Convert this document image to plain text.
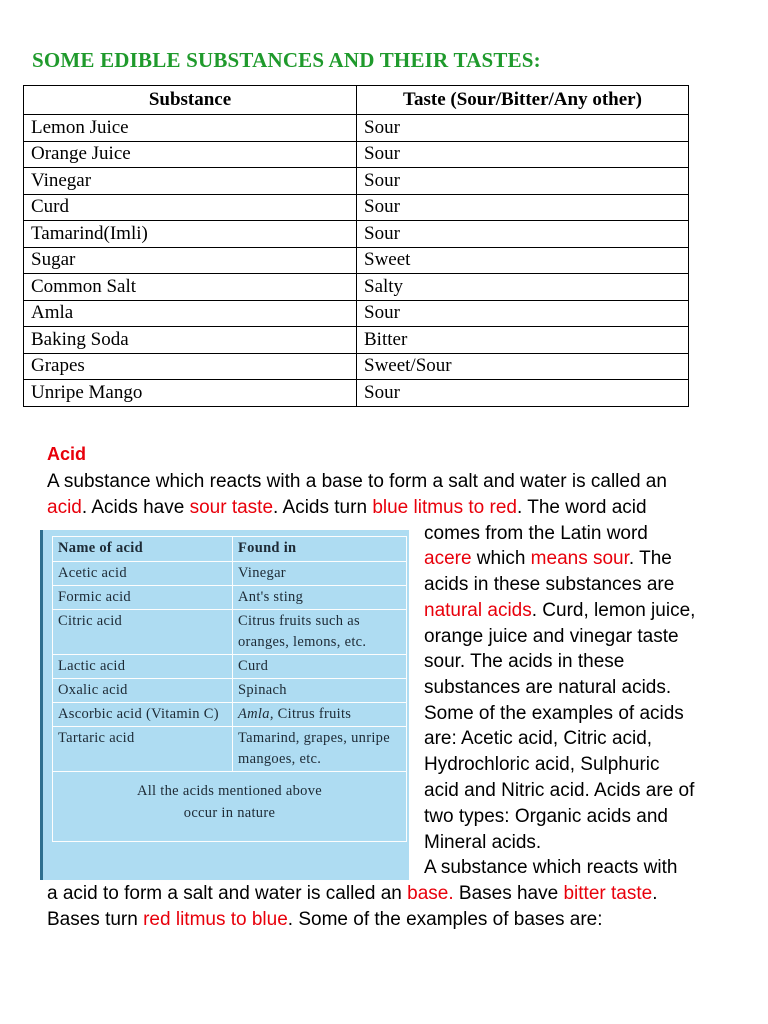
SOME EDIBLE SUBSTANCES AND THEIR TASTES:
Substance	Taste (Sour/Bitter/Any other)
Lemon Juice	Sour
Orange Juice	Sour
Vinegar	Sour
Curd	Sour
Tamarind(Imli)	Sour
Sugar	Sweet
Common Salt	Salty
Amla	Sour
Baking Soda	Bitter
Grapes	Sweet/Sour
Unripe Mango	Sour
Acid
A substance which reacts with a base to form a salt and water is called an
acid. Acids have sour taste. Acids turn blue litmus to red. The word acid
comes from the Latin word
acere which means sour. The
acids in these substances are
natural acids. Curd, lemon juice,
orange juice and vinegar taste
sour. The acids in these
substances are natural acids.
Some of the examples of acids
are: Acetic acid, Citric acid,
Hydrochloric acid, Sulphuric
acid and Nitric acid. Acids are of
two types: Organic acids and
Mineral acids.
A substance which reacts with
a acid to form a salt and water is called an base. Bases have bitter taste.
Bases turn red litmus to blue. Some of the examples of bases are:
Name of acid	Found in
Acetic acid	Vinegar
Formic acid	Ant's sting
Citric acid	Citrus fruits such as oranges, lemons, etc.
Lactic acid	Curd
Oxalic acid	Spinach
Ascorbic acid (Vitamin C)	Amla, Citrus fruits
Tartaric acid	Tamarind, grapes, unripe mangoes, etc.
All the acids mentioned above occur in nature	
